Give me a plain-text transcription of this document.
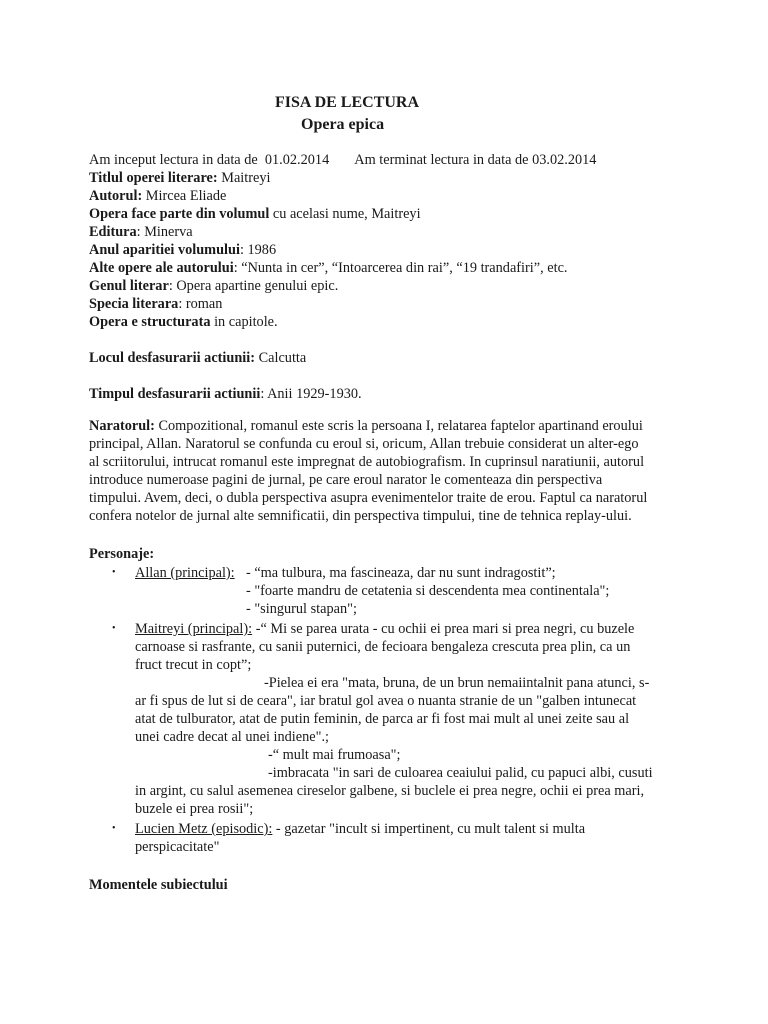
FISA DE LECTURA
Opera epica
Am inceput lectura in data de 01.02.2014 Am terminat lectura in data de 03.02.2014
Titlul operei literare: Maitreyi
Autorul: Mircea Eliade
Opera face parte din volumul cu acelasi nume, Maitreyi
Editura: Minerva
Anul aparitiei volumului: 1986
Alte opere ale autorului: “Nunta in cer”, “Intoarcerea din rai”, “19 trandafiri”, etc.
Genul literar: Opera apartine genului epic.
Specia literara: roman
Opera e structurata in capitole.
Locul desfasurarii actiunii: Calcutta
Timpul desfasurarii actiunii: Anii 1929-1930.

Naratorul: Compozitional, romanul este scris la persoana I, relatarea faptelor apartinand eroului

principal, Allan. Naratorul se confunda cu eroul si, oricum, Allan trebuie considerat un alter-ego

al scriitorului, intrucat romanul este impregnat de autobiografism. In cuprinsul naratiunii, autorul

introduce numeroase pagini de jurnal, pe care eroul narator le comenteaza din perspectiva

timpului. Avem, deci, o dubla perspectiva asupra evenimentelor traite de erou. Faptul ca naratorul

confera notelor de jurnal alte semnificatii, din perspectiva timpului, tine de tehnica replay-ului.

Personaje:
•	Allan (principal): - “ma tulbura, ma fascineaza, dar nu sunt indragostit”;
- "foarte mandru de cetatenia si descendenta mea continentala";
- "singurul stapan";
•	Maitreyi (principal): -“ Mi se parea urata - cu ochii ei prea mari si prea negri, cu buzele
carnoase si rasfrante, cu sanii puternici, de fecioara bengaleza crescuta prea plin, ca un
fruct trecut in copt”;
-Pielea ei era "mata, bruna, de un brun nemaiintalnit pana atunci, s-
ar fi spus de lut si de ceara", iar bratul gol avea o nuanta stranie de un "galben intunecat
atat de tulburator, atat de putin feminin, de parca ar fi fost mai mult al unei zeite sau al
unei cadre decat al unei indiene".;
-“ mult mai frumoasa";
-imbracata "in sari de culoarea ceaiului palid, cu papuci albi, cusuti
in argint, cu salul asemenea cireselor galbene, si buclele ei prea negre, ochii ei prea mari,
buzele ei prea rosii";
•	Lucien Metz (episodic): - gazetar "incult si impertinent, cu mult talent si multa
perspicacitate"
Momentele subiectului
